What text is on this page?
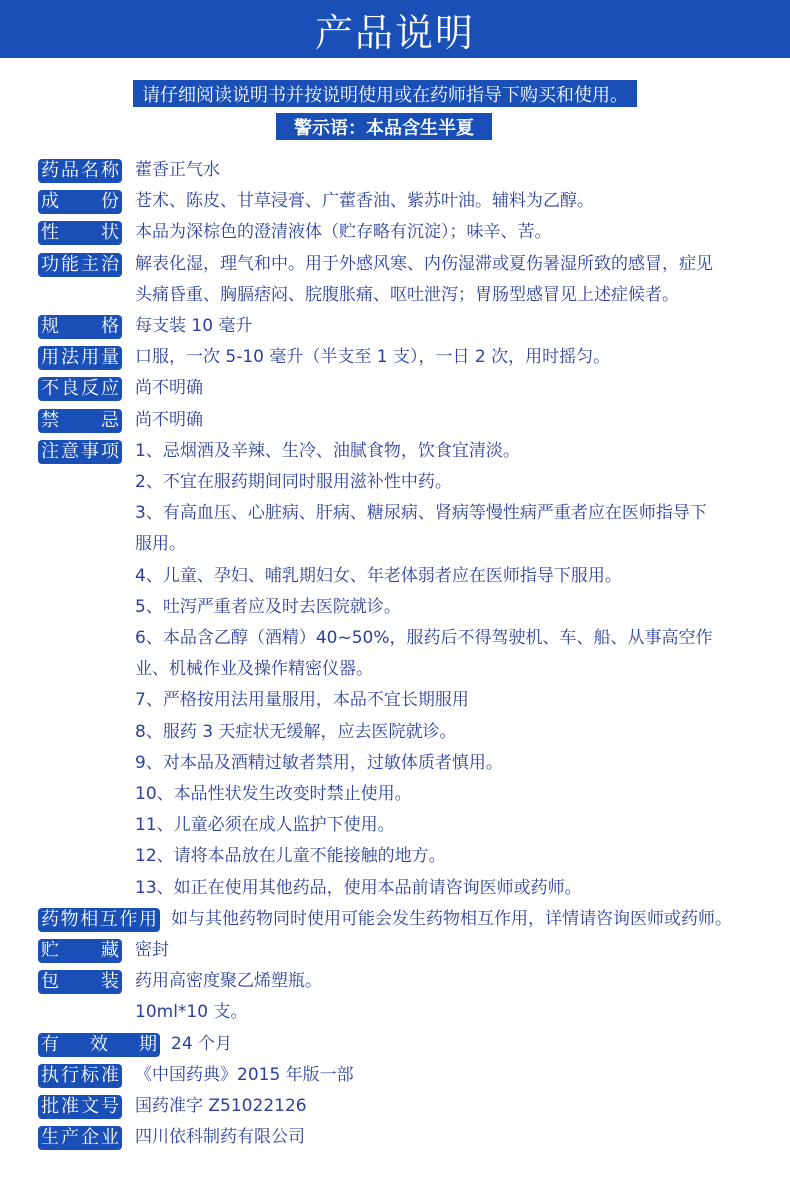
产品说明
请仔细阅读说明书并按说明使用或在药师指导下购买和使用。
警示语：本品含生半夏
药品名称 藿香正气水
成　　份 苍术、陈皮、甘草浸膏、广藿香油、紫苏叶油。辅料为乙醇。
性　　状 本品为深棕色的澄清液体（贮存略有沉淀）；味辛、苦。
功能主治 解表化湿，理气和中。用于外感风寒、内伤湿滞或夏伤暑湿所致的感冒，症见
头痛昏重、胸膈痞闷、脘腹胀痛、呕吐泄泻；胃肠型感冒见上述症候者。
规　　格 每支装 10 毫升
用法用量 口服，一次 5-10 毫升（半支至 1 支），一日 2 次，用时摇匀。
不良反应 尚不明确
禁　　忌 尚不明确
注意事项 1、忌烟酒及辛辣、生冷、油腻食物，饮食宜清淡。
2、不宜在服药期间同时服用滋补性中药。
3、有高血压、心脏病、肝病、糖尿病、肾病等慢性病严重者应在医师指导下
服用。
4、儿童、孕妇、哺乳期妇女、年老体弱者应在医师指导下服用。
5、吐泻严重者应及时去医院就诊。
6、本品含乙醇（酒精）40~50%，服药后不得驾驶机、车、船、从事高空作
业、机械作业及操作精密仪器。
7、严格按用法用量服用，本品不宜长期服用
8、服药 3 天症状无缓解，应去医院就诊。
9、对本品及酒精过敏者禁用，过敏体质者慎用。
10、本品性状发生改变时禁止使用。
11、儿童必须在成人监护下使用。
12、请将本品放在儿童不能接触的地方。
13、如正在使用其他药品，使用本品前请咨询医师或药师。
药物相互作用 如与其他药物同时使用可能会发生药物相互作用，详情请咨询医师或药师。
贮　　藏 密封
包　　装 药用高密度聚乙烯塑瓶。
10ml*10 支。
有 效 期 24 个月
执行标准 《中国药典》2015 年版一部
批准文号 国药准字 Z51022126
生产企业 四川依科制药有限公司
